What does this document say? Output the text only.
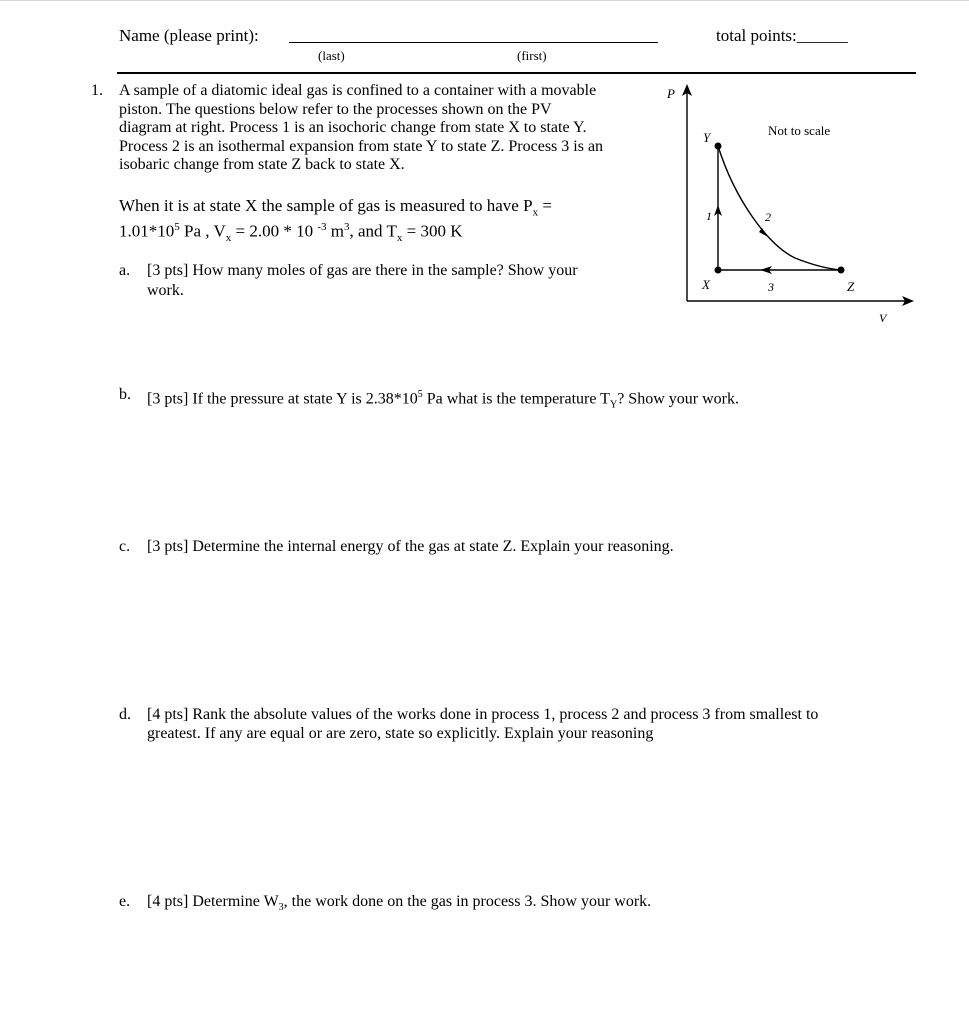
Name (please print):
(last)	(first)
total points:______
1. A sample of a diatomic ideal gas is confined to a container with a movable
piston. The questions below refer to the processes shown on the PV
diagram at right. Process 1 is an isochoric change from state X to state Y.
Process 2 is an isothermal expansion from state Y to state Z. Process 3 is an
isobaric change from state Z back to state X.
When it is at state X the sample of gas is measured to have $P_x$ =
$1.01*10^5$ Pa , $V_x = 2.00 * 10$ $^{-3}$ $m^3$, and $T_x = 300$ K
a. [3 pts] How many moles of gas are there in the sample? Show your
work.
b. [3 pts] If the pressure at state Y is $2.38*10^5$ Pa what is the temperature $T_Y$? Show your work.
c. [3 pts] Determine the internal energy of the gas at state Z. Explain your reasoning.
d. [4 pts] Rank the absolute values of the works done in process 1, process 2 and process 3 from smallest to
greatest. If any are equal or are zero, state so explicitly. Explain your reasoning
e. [4 pts] Determine $W_3$, the work done on the gas in process 3. Show your work.
P
V
Not to scale
Y
X	Z
1	2
3
